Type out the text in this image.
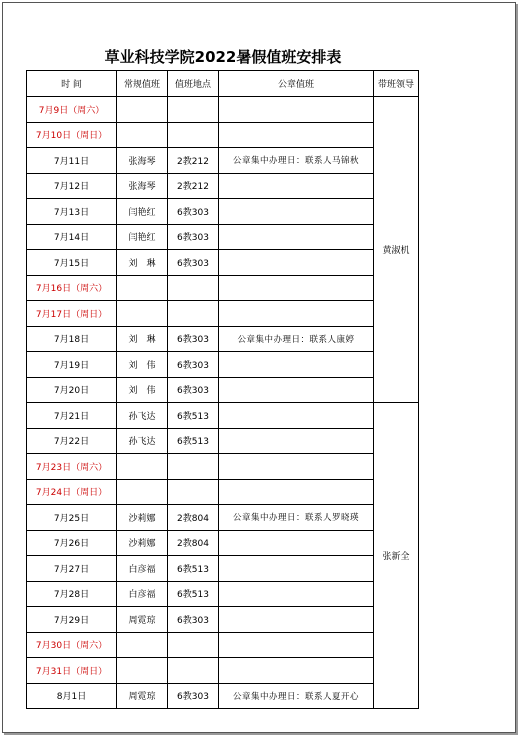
草业科技学院2022暑假值班安排表
时 间	常规值班	值班地点	公章值班	带班领导
7月9日（周六）				黄淑机
7月10日（周日）				
7月11日	张海琴	2教212	公章集中办理日：联系人马锦秋	
7月12日	张海琴	2教212		
7月13日	闫艳红	6教303		
7月14日	闫艳红	6教303		
7月15日	刘　琳	6教303		
7月16日（周六）				
7月17日（周日）				
7月18日	刘　琳	6教303	公章集中办理日：联系人康婷	
7月19日	刘　伟	6教303		
7月20日	刘　伟	6教303		
7月21日	孙飞达	6教513		张新全
7月22日	孙飞达	6教513		
7月23日（周六）				
7月24日（周日）				
7月25日	沙莉娜	2教804	公章集中办理日：联系人罗晓瑛	
7月26日	沙莉娜	2教804		
7月27日	白彦福	6教513		
7月28日	白彦福	6教513		
7月29日	周霓琼	6教303		
7月30日（周六）				
7月31日（周日）				
8月1日	周霓琼	6教303	公章集中办理日：联系人夏开心	
